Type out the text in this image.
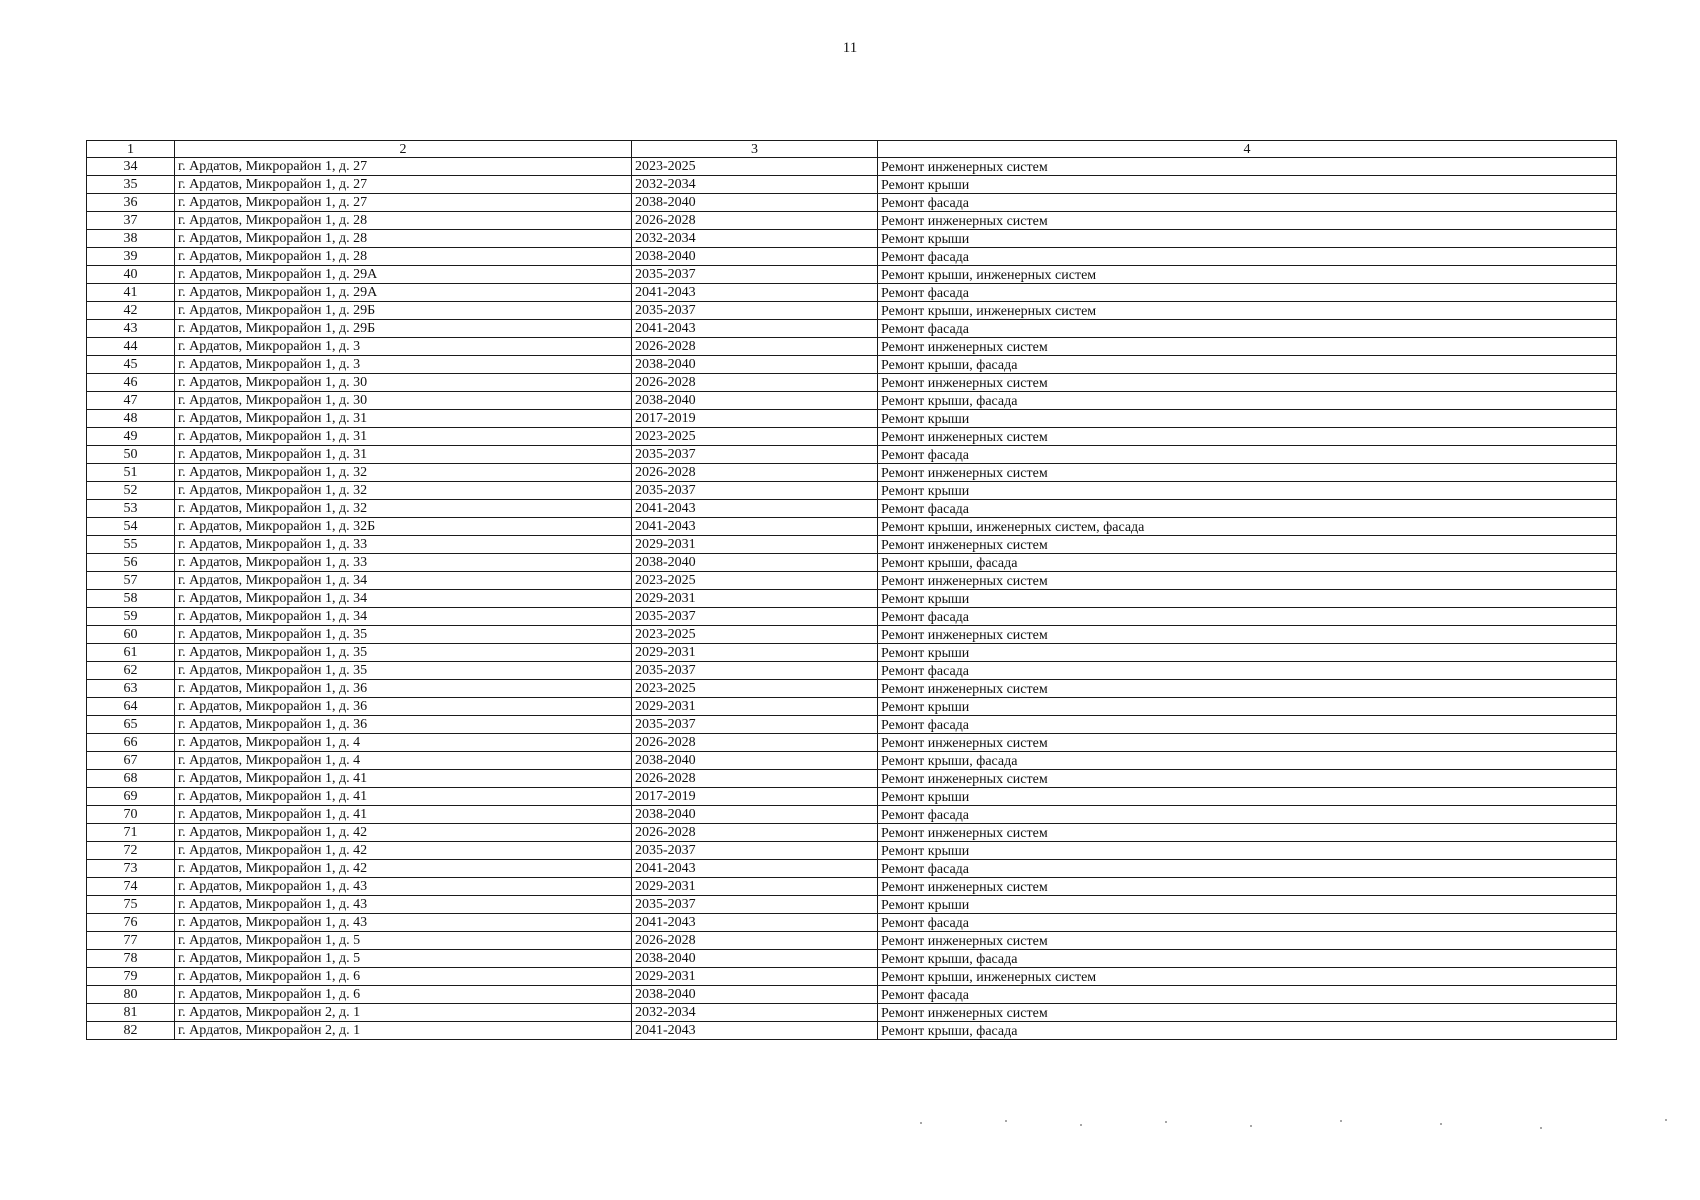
11
1	2	3	4
34	г. Ардатов, Микрорайон 1, д. 27	2023-2025	Ремонт инженерных систем
35	г. Ардатов, Микрорайон 1, д. 27	2032-2034	Ремонт крыши
36	г. Ардатов, Микрорайон 1, д. 27	2038-2040	Ремонт фасада
37	г. Ардатов, Микрорайон 1, д. 28	2026-2028	Ремонт инженерных систем
38	г. Ардатов, Микрорайон 1, д. 28	2032-2034	Ремонт крыши
39	г. Ардатов, Микрорайон 1, д. 28	2038-2040	Ремонт фасада
40	г. Ардатов, Микрорайон 1, д. 29А	2035-2037	Ремонт крыши, инженерных систем
41	г. Ардатов, Микрорайон 1, д. 29А	2041-2043	Ремонт фасада
42	г. Ардатов, Микрорайон 1, д. 29Б	2035-2037	Ремонт крыши, инженерных систем
43	г. Ардатов, Микрорайон 1, д. 29Б	2041-2043	Ремонт фасада
44	г. Ардатов, Микрорайон 1, д. 3	2026-2028	Ремонт инженерных систем
45	г. Ардатов, Микрорайон 1, д. 3	2038-2040	Ремонт крыши, фасада
46	г. Ардатов, Микрорайон 1, д. 30	2026-2028	Ремонт инженерных систем
47	г. Ардатов, Микрорайон 1, д. 30	2038-2040	Ремонт крыши, фасада
48	г. Ардатов, Микрорайон 1, д. 31	2017-2019	Ремонт крыши
49	г. Ардатов, Микрорайон 1, д. 31	2023-2025	Ремонт инженерных систем
50	г. Ардатов, Микрорайон 1, д. 31	2035-2037	Ремонт фасада
51	г. Ардатов, Микрорайон 1, д. 32	2026-2028	Ремонт инженерных систем
52	г. Ардатов, Микрорайон 1, д. 32	2035-2037	Ремонт крыши
53	г. Ардатов, Микрорайон 1, д. 32	2041-2043	Ремонт фасада
54	г. Ардатов, Микрорайон 1, д. 32Б	2041-2043	Ремонт крыши, инженерных систем, фасада
55	г. Ардатов, Микрорайон 1, д. 33	2029-2031	Ремонт инженерных систем
56	г. Ардатов, Микрорайон 1, д. 33	2038-2040	Ремонт крыши, фасада
57	г. Ардатов, Микрорайон 1, д. 34	2023-2025	Ремонт инженерных систем
58	г. Ардатов, Микрорайон 1, д. 34	2029-2031	Ремонт крыши
59	г. Ардатов, Микрорайон 1, д. 34	2035-2037	Ремонт фасада
60	г. Ардатов, Микрорайон 1, д. 35	2023-2025	Ремонт инженерных систем
61	г. Ардатов, Микрорайон 1, д. 35	2029-2031	Ремонт крыши
62	г. Ардатов, Микрорайон 1, д. 35	2035-2037	Ремонт фасада
63	г. Ардатов, Микрорайон 1, д. 36	2023-2025	Ремонт инженерных систем
64	г. Ардатов, Микрорайон 1, д. 36	2029-2031	Ремонт крыши
65	г. Ардатов, Микрорайон 1, д. 36	2035-2037	Ремонт фасада
66	г. Ардатов, Микрорайон 1, д. 4	2026-2028	Ремонт инженерных систем
67	г. Ардатов, Микрорайон 1, д. 4	2038-2040	Ремонт крыши, фасада
68	г. Ардатов, Микрорайон 1, д. 41	2026-2028	Ремонт инженерных систем
69	г. Ардатов, Микрорайон 1, д. 41	2017-2019	Ремонт крыши
70	г. Ардатов, Микрорайон 1, д. 41	2038-2040	Ремонт фасада
71	г. Ардатов, Микрорайон 1, д. 42	2026-2028	Ремонт инженерных систем
72	г. Ардатов, Микрорайон 1, д. 42	2035-2037	Ремонт крыши
73	г. Ардатов, Микрорайон 1, д. 42	2041-2043	Ремонт фасада
74	г. Ардатов, Микрорайон 1, д. 43	2029-2031	Ремонт инженерных систем
75	г. Ардатов, Микрорайон 1, д. 43	2035-2037	Ремонт крыши
76	г. Ардатов, Микрорайон 1, д. 43	2041-2043	Ремонт фасада
77	г. Ардатов, Микрорайон 1, д. 5	2026-2028	Ремонт инженерных систем
78	г. Ардатов, Микрорайон 1, д. 5	2038-2040	Ремонт крыши, фасада
79	г. Ардатов, Микрорайон 1, д. 6	2029-2031	Ремонт крыши, инженерных систем
80	г. Ардатов, Микрорайон 1, д. 6	2038-2040	Ремонт фасада
81	г. Ардатов, Микрорайон 2, д. 1	2032-2034	Ремонт инженерных систем
82	г. Ардатов, Микрорайон 2, д. 1	2041-2043	Ремонт крыши, фасада
